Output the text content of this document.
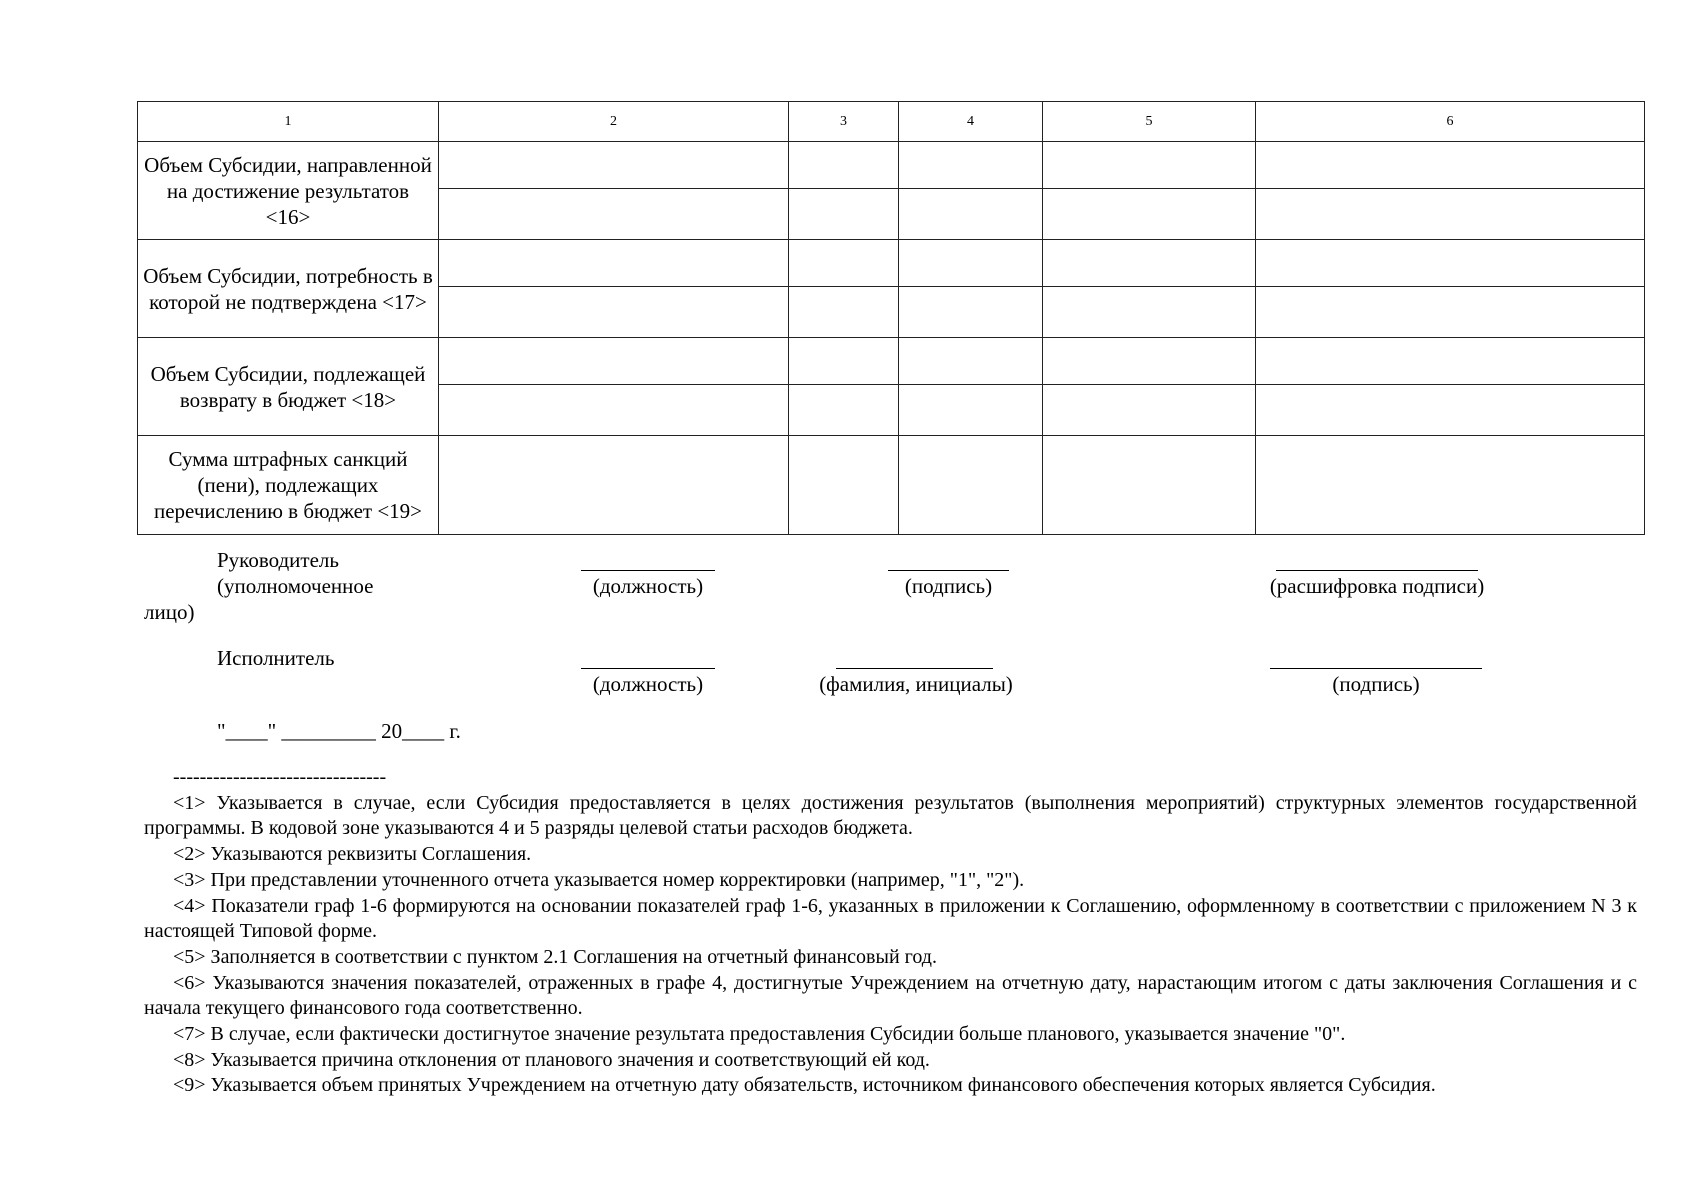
1	2	3	4	5	6
Объем Субсидии, направленной на достижение результатов <16>					

Объем Субсидии, потребность в которой не подтверждена <17>					

Объем Субсидии, подлежащей возврату в бюджет <18>					

Сумма штрафных санкций (пени), подлежащих перечислению в бюджет <19>					
Руководитель
(уполномоченное
лицо)
(должность)	(подпись)	(расшифровка подписи)
Исполнитель
(должность)	(фамилия, инициалы)	(подпись)
"____" _________ 20____ г.
--------------------------------

<1> Указывается в случае, если Субсидия предоставляется в целях достижения результатов (выполнения мероприятий) структурных элементов государственной программы. В кодовой зоне указываются 4 и 5 разряды целевой статьи расходов бюджета.

<2> Указываются реквизиты Соглашения.

<3> При представлении уточненного отчета указывается номер корректировки (например, "1", "2").

<4> Показатели граф 1-6 формируются на основании показателей граф 1-6, указанных в приложении к Соглашению, оформленному в соответствии с приложением N 3 к настоящей Типовой форме.

<5> Заполняется в соответствии с пунктом 2.1 Соглашения на отчетный финансовый год.

<6> Указываются значения показателей, отраженных в графе 4, достигнутые Учреждением на отчетную дату, нарастающим итогом с даты заключения Соглашения и с начала текущего финансового года соответственно.

<7> В случае, если фактически достигнутое значение результата предоставления Субсидии больше планового, указывается значение "0".

<8> Указывается причина отклонения от планового значения и соответствующий ей код.

<9> Указывается объем принятых Учреждением на отчетную дату обязательств, источником финансового обеспечения которых является Субсидия.
